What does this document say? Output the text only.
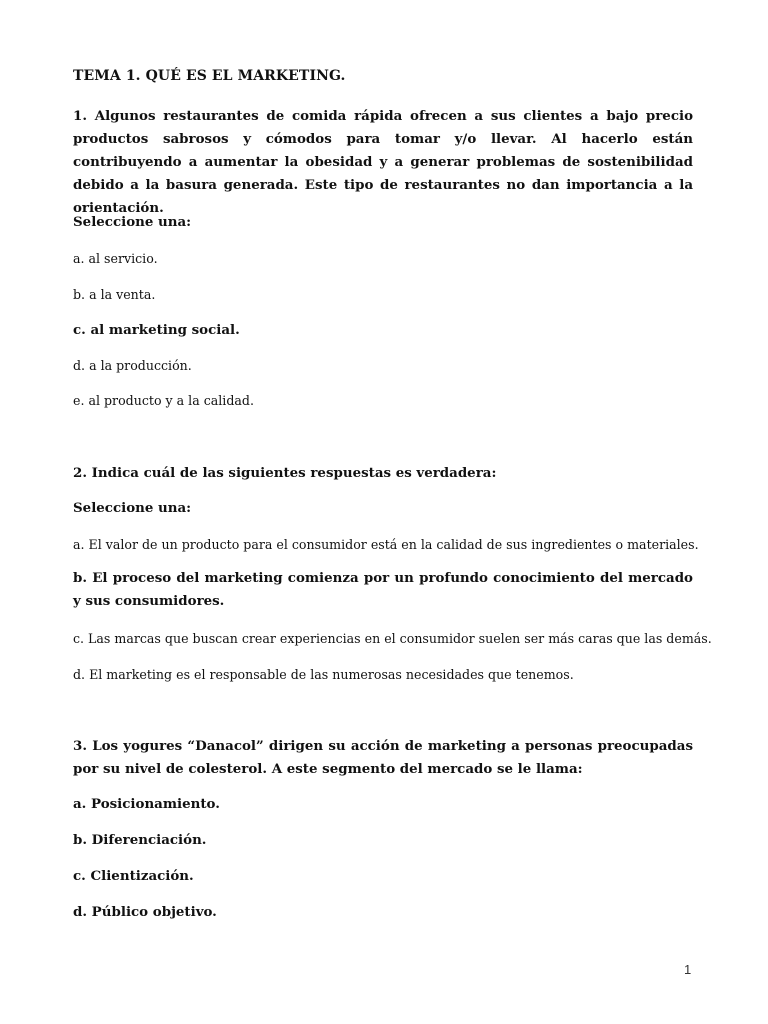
TEMA 1. QUÉ ES EL MARKETING.
1. Algunos restaurantes de comida rápida ofrecen a sus clientes a bajo precio productos sabrosos y cómodos para tomar y/o llevar. Al hacerlo están contribuyendo a aumentar la obesidad y a generar problemas de sostenibilidad debido a la basura generada. Este tipo de restaurantes no dan importancia a la orientación.
Seleccione una:
a. al servicio.
b. a la venta.
c. al marketing social.
d. a la producción.
e. al producto y a la calidad.
2. Indica cuál de las siguientes respuestas es verdadera:
Seleccione una:
a. El valor de un producto para el consumidor está en la calidad de sus ingredientes o materiales.
b. El proceso del marketing comienza por un profundo conocimiento del mercado y sus consumidores.
c. Las marcas que buscan crear experiencias en el consumidor suelen ser más caras que las demás.
d. El marketing es el responsable de las numerosas necesidades que tenemos.
3. Los yogures “Danacol” dirigen su acción de marketing a personas preocupadas por su nivel de colesterol. A este segmento del mercado se le llama:
a. Posicionamiento.
b. Diferenciación.
c. Clientización.
d. Público objetivo.
1
